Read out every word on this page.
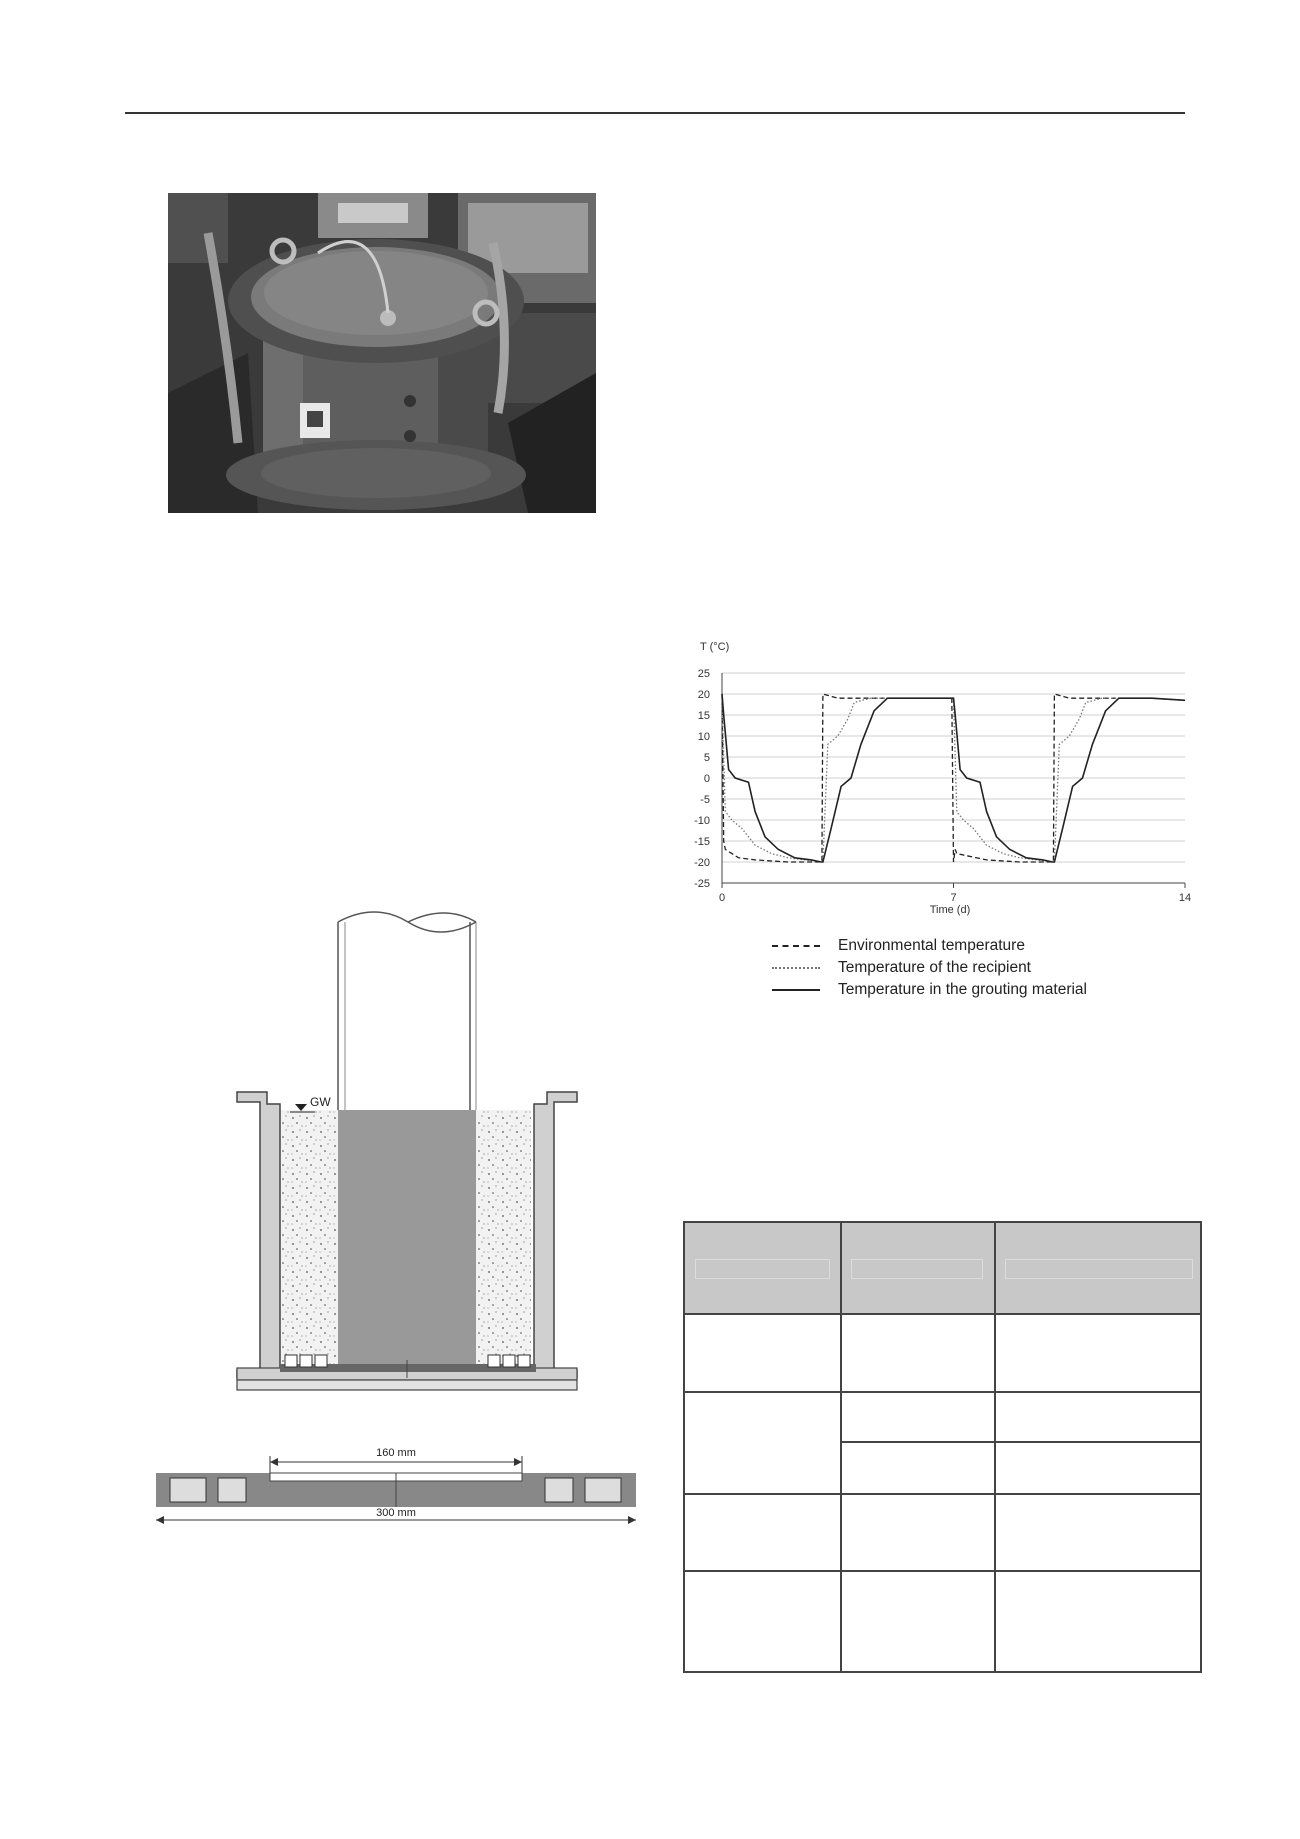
GW
160 mm
300 mm
T (°C)
Time (d)
25
20
15
10
5
0
-5
-10
-15
-20
-25
0	7	14
Environmental temperature
Temperature of the recipient
Temperature in the grouting material
